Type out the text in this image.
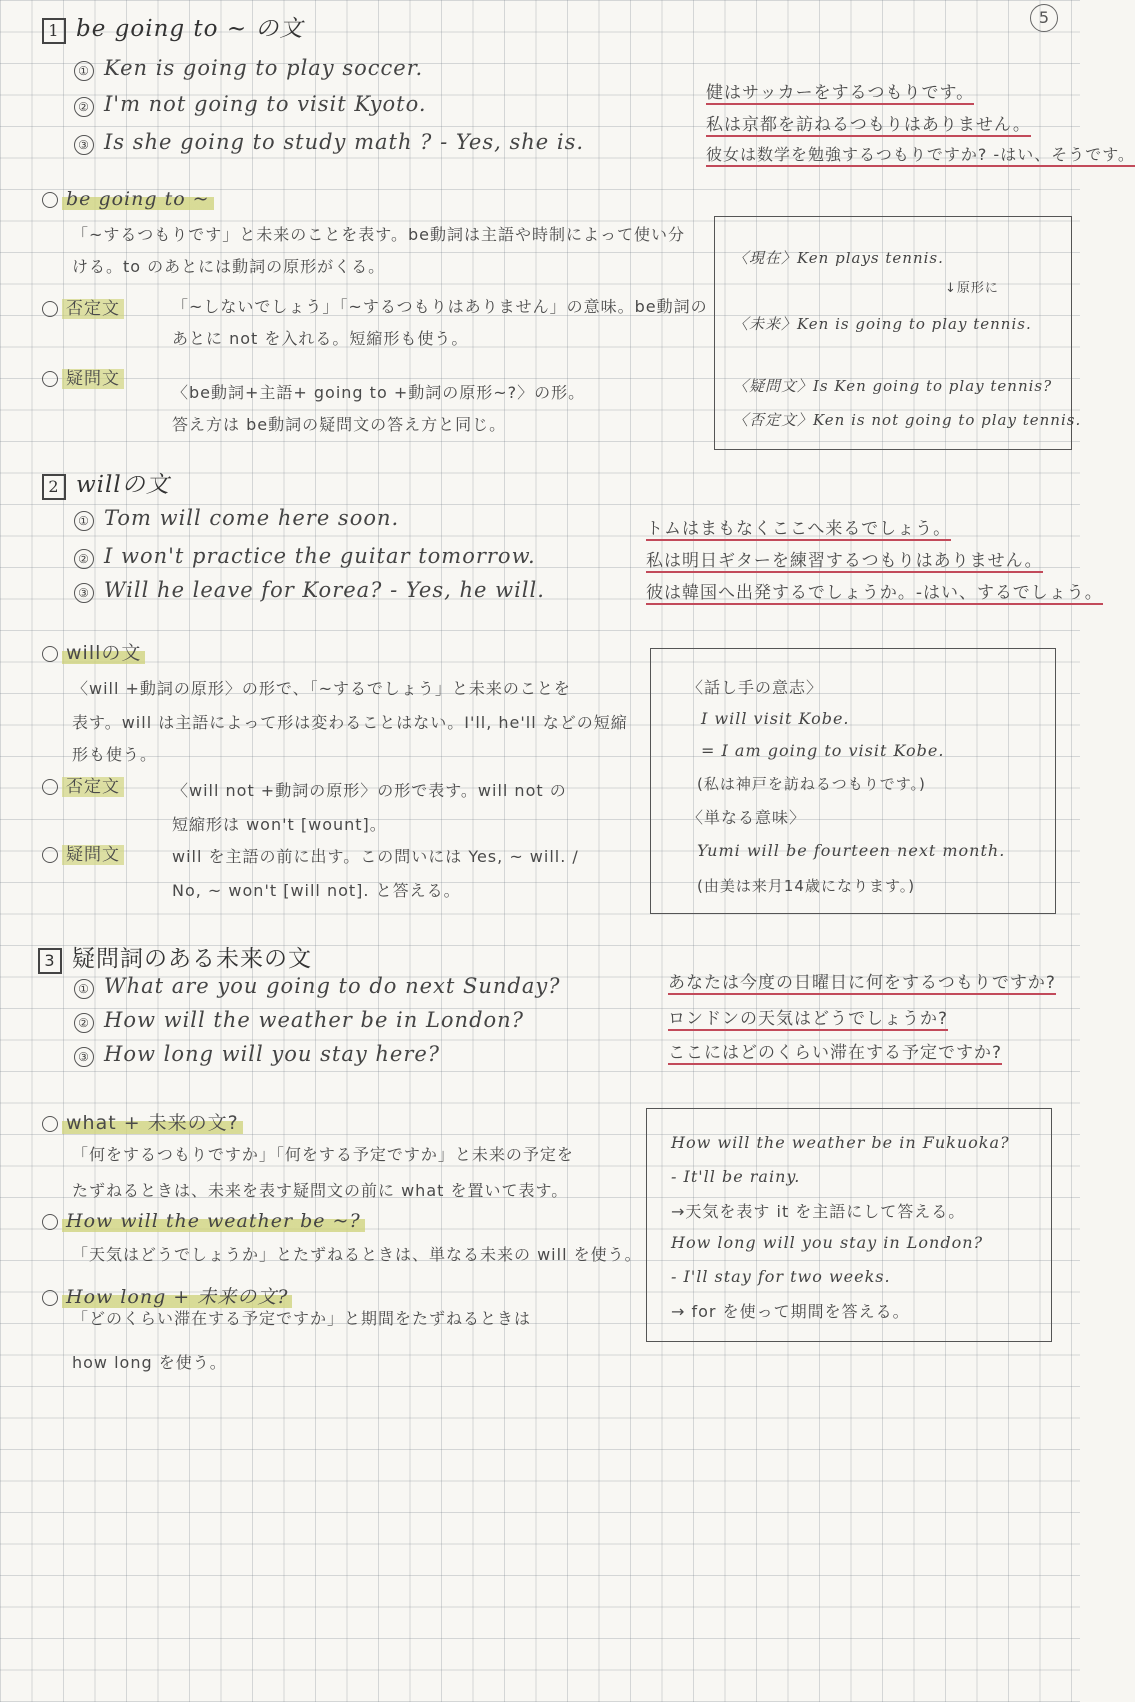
5
1 be going to ~ の文
① Ken is going to play soccer.
② I'm not going to visit Kyoto.
③ Is she going to study math ? - Yes, she is.
健はサッカーをするつもりです。
私は京都を訪ねるつもりはありません。
彼女は数学を勉強するつもりですか? -はい、そうです。
be going to ~
「~するつもりです」と未来のことを表す。be動詞は主語や時制によって使い分
ける。to のあとには動詞の原形がくる。
否定文	「~しないでしょう」「~するつもりはありません」の意味。be動詞の
あとに not を入れる。短縮形も使う。
疑問文
〈be動詞+主語+ going to +動詞の原形~?〉の形。
答え方は be動詞の疑問文の答え方と同じ。
〈現在〉Ken plays tennis.
↓原形に
〈未来〉Ken is going to play tennis.
〈疑問文〉Is Ken going to play tennis?
〈否定文〉Ken is not going to play tennis.
2 willの文
① Tom will come here soon.
② I won't practice the guitar tomorrow.
③ Will he leave for Korea? - Yes, he will.
トムはまもなくここへ来るでしょう。
私は明日ギターを練習するつもりはありません。
彼は韓国へ出発するでしょうか。-はい、するでしょう。
willの文
〈will +動詞の原形〉の形で、「~するでしょう」と未来のことを
表す。will は主語によって形は変わることはない。I'll, he'll などの短縮
形も使う。
否定文	〈will not +動詞の原形〉の形で表す。will not の
短縮形は won't [wount]。
疑問文	will を主語の前に出す。この問いには Yes, ~ will. /
No, ~ won't [will not]. と答える。
〈話し手の意志〉
I will visit Kobe.
= I am going to visit Kobe.
(私は神戸を訪ねるつもりです。)
〈単なる意味〉
Yumi will be fourteen next month.
(由美は来月14歳になります。)
3 疑問詞のある未来の文
① What are you going to do next Sunday?
② How will the weather be in London?
③ How long will you stay here?
あなたは今度の日曜日に何をするつもりですか?
ロンドンの天気はどうでしょうか?
ここにはどのくらい滞在する予定ですか?
what + 未来の文?
「何をするつもりですか」「何をする予定ですか」と未来の予定を
たずねるときは、未来を表す疑問文の前に what を置いて表す。
How will the weather be ~?
「天気はどうでしょうか」とたずねるときは、単なる未来の will を使う。
How long + 未来の文?
「どのくらい滞在する予定ですか」と期間をたずねるときは
how long を使う。
How will the weather be in Fukuoka?
- It'll be rainy.
→天気を表す it を主語にして答える。
How long will you stay in London?
- I'll stay for two weeks.
→ for を使って期間を答える。
